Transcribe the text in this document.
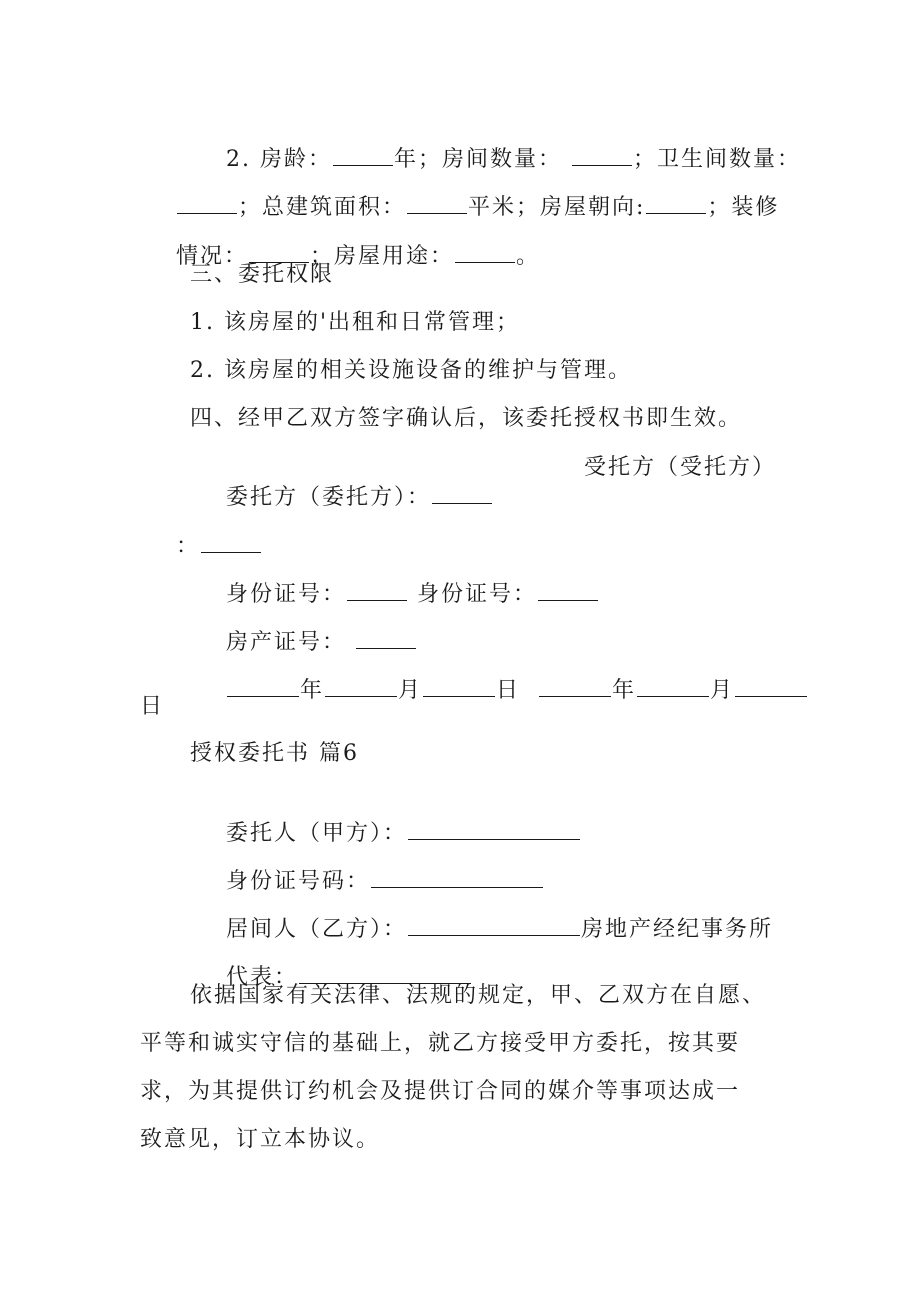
2. 房龄：	年；房间数量：	；卫生间数量：

；总建筑面积：	平米；房屋朝向:	；装修

情况：	；房屋用途：	。

三、委托权限
1. 该房屋的'出租和日常管理；
2. 该房屋的相关设施设备的维护与管理。
四、经甲乙双方签字确认后，该委托授权书即生效。

委托方（委托方）：

受托方（受托方）

：

身份证号：	身份证号：

房产证号：

年	月	日	年	月

日
授权委托书 篇6

委托人（甲方）：

身份证号码：

居间人（乙方）：	房地产经纪事务所

代表：

依据国家有关法律、法规的规定，甲、乙双方在自愿、
平等和诚实守信的基础上，就乙方接受甲方委托，按其要
求，为其提供订约机会及提供订合同的媒介等事项达成一
致意见，订立本协议。
